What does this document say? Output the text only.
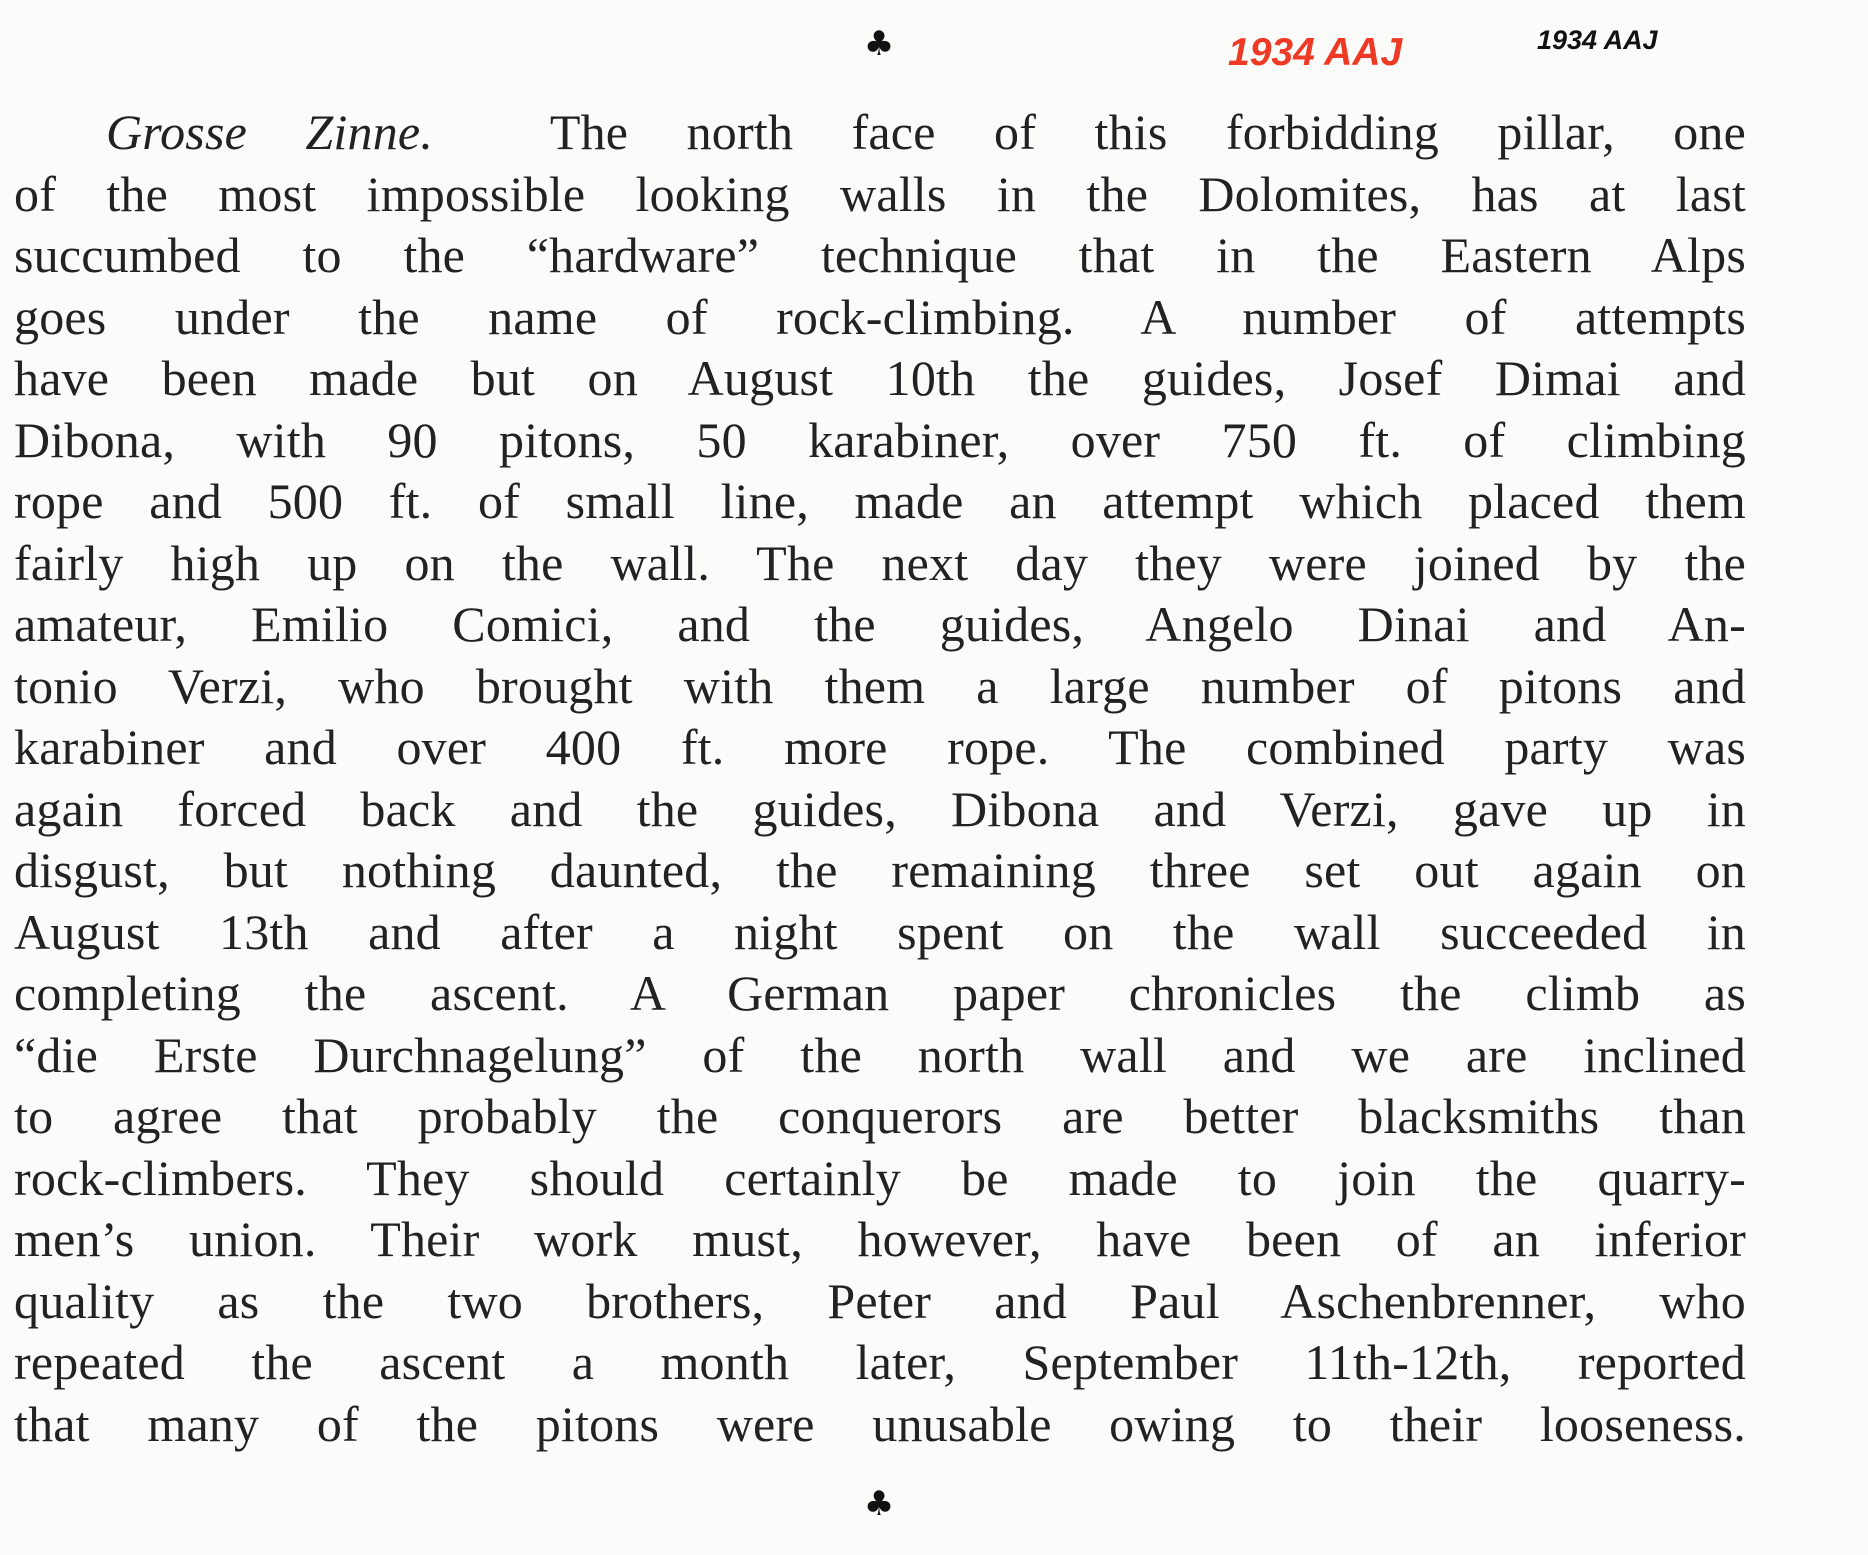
♣	1934 AAJ	1934 AAJ
Grosse Zinne. The north face of this forbidding pillar, one
of the most impossible looking walls in the Dolomites, has at last
succumbed to the “hardware” technique that in the Eastern Alps
goes under the name of rock-climbing. A number of attempts
have been made but on August 10th the guides, Josef Dimai and
Dibona, with 90 pitons, 50 karabiner, over 750 ft. of climbing
rope and 500 ft. of small line, made an attempt which placed them
fairly high up on the wall. The next day they were joined by the
amateur, Emilio Comici, and the guides, Angelo Dinai and An-
tonio Verzi, who brought with them a large number of pitons and
karabiner and over 400 ft. more rope. The combined party was
again forced back and the guides, Dibona and Verzi, gave up in
disgust, but nothing daunted, the remaining three set out again on
August 13th and after a night spent on the wall succeeded in
completing the ascent. A German paper chronicles the climb as
“die Erste Durchnagelung” of the north wall and we are inclined
to agree that probably the conquerors are better blacksmiths than
rock-climbers. They should certainly be made to join the quarry-
men’s union. Their work must, however, have been of an inferior
quality as the two brothers, Peter and Paul Aschenbrenner, who
repeated the ascent a month later, September 11th-12th, reported
that many of the pitons were unusable owing to their looseness.
♣
